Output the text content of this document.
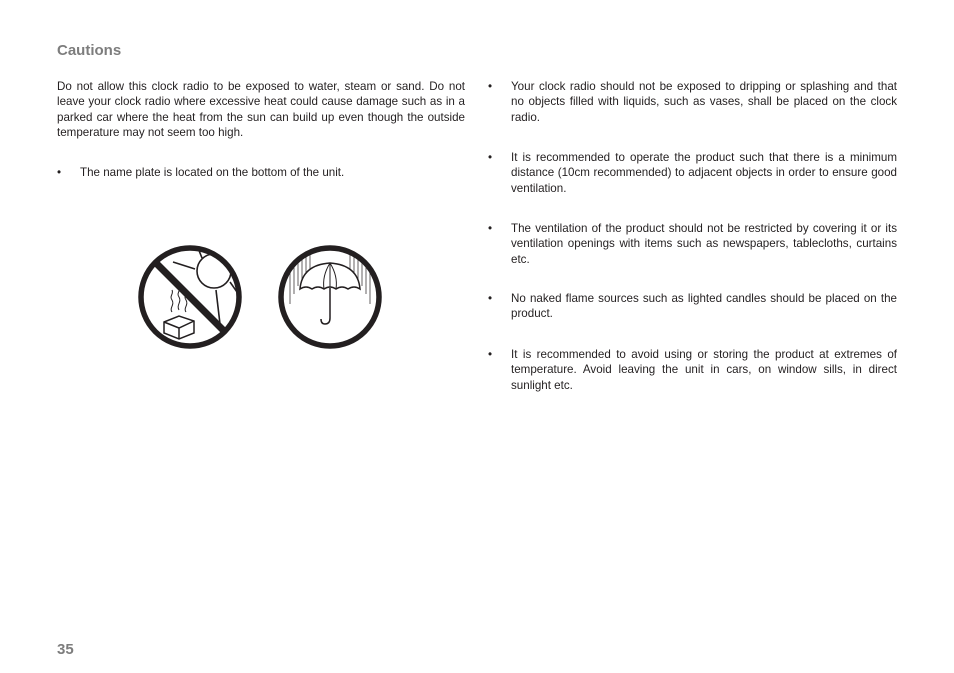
Cautions

Do not allow this clock radio to be exposed to water, steam or sand. Do not leave your clock radio where excessive heat could cause damage such as in a parked car where the heat from the sun can build up even though the outside temperature may not seem too high.

• The name plate is located on the bottom of the unit.
• Your clock radio should not be exposed to dripping or splashing and that no objects filled with liquids, such as vases, shall be placed on the clock radio.
• It is recommended to operate the product such that there is a minimum distance (10cm recommended) to adjacent objects in order to ensure good ventilation.
• The ventilation of the product should not be restricted by covering it or its ventilation openings with items such as newspapers, tablecloths, curtains etc.
• No naked flame sources such as lighted candles should be placed on the product.
• It is recommended to avoid using or storing the product at extremes of temperature. Avoid leaving the unit in cars, on window sills, in direct sunlight etc.
35
